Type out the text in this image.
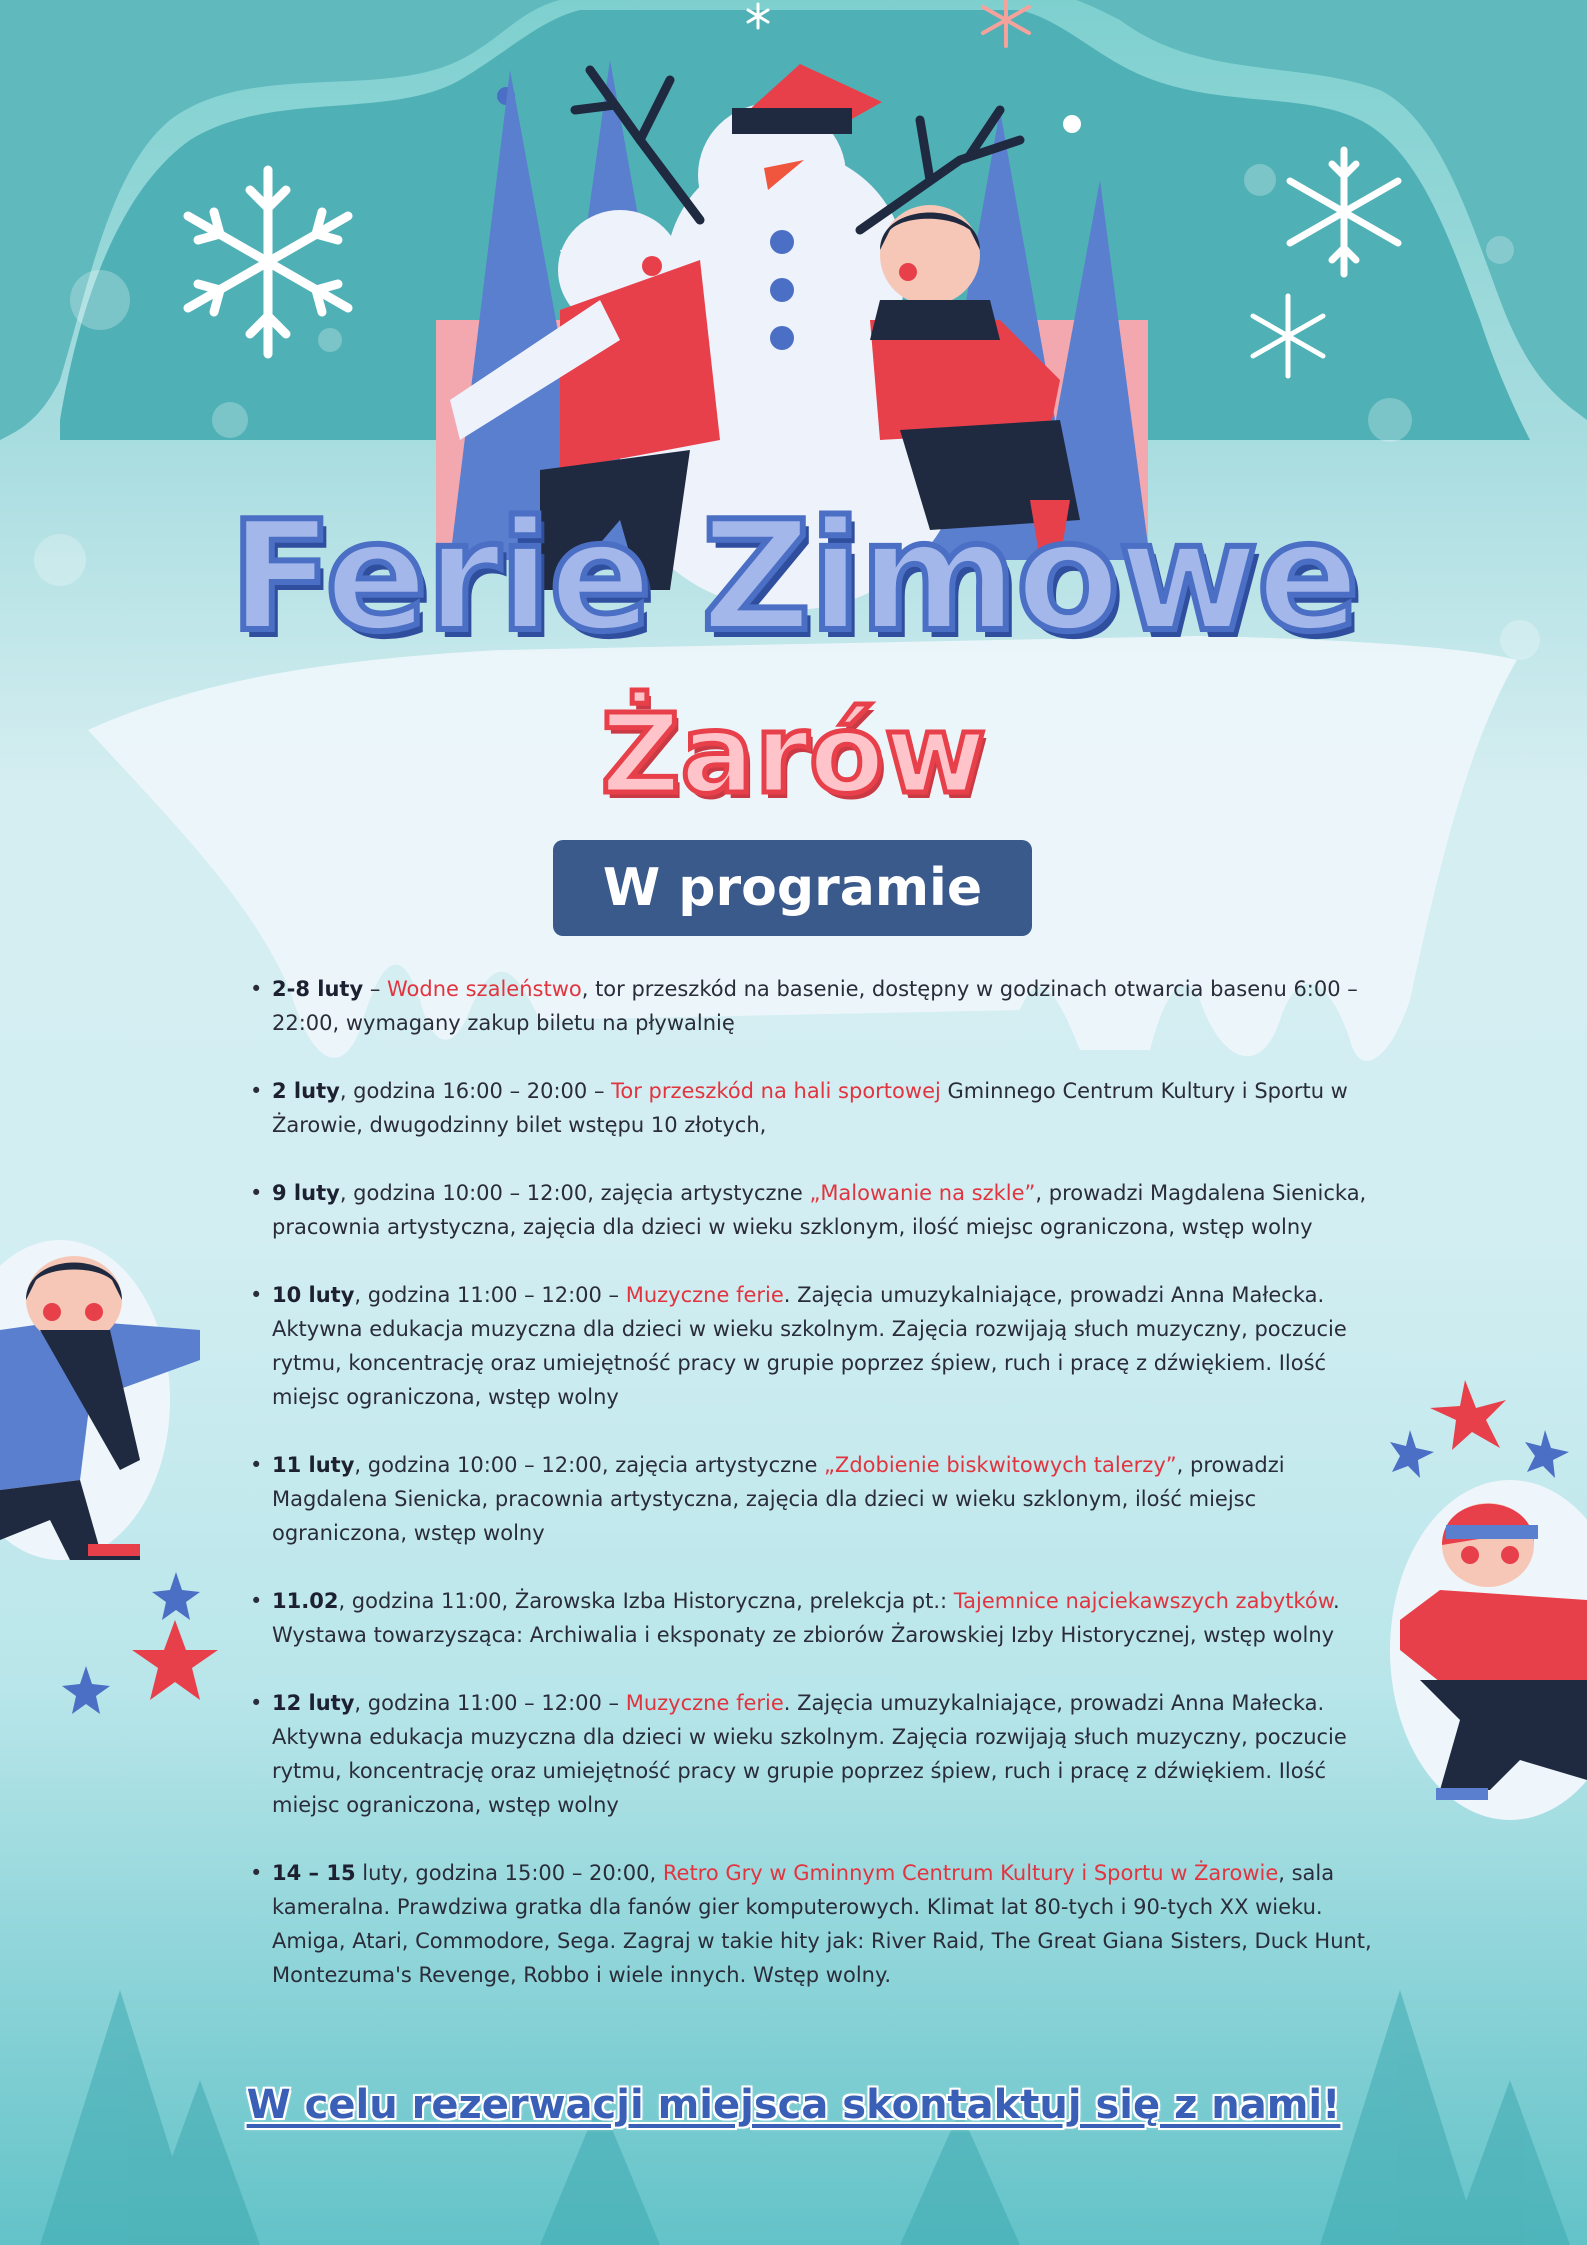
Ferie Zimowe
Żarów
W programie
• 2-8 luty – Wodne szaleństwo, tor przeszkód na basenie, dostępny w godzinach otwarcia basenu 6:00 – 22:00, wymagany zakup biletu na pływalnię
• 2 luty, godzina 16:00 – 20:00 – Tor przeszkód na hali sportowej Gminnego Centrum Kultury i Sportu w Żarowie, dwugodzinny bilet wstępu 10 złotych,
• 9 luty, godzina 10:00 – 12:00, zajęcia artystyczne „Malowanie na szkle”, prowadzi Magdalena Sienicka, pracownia artystyczna, zajęcia dla dzieci w wieku szklonym, ilość miejsc ograniczona, wstęp wolny
• 10 luty, godzina 11:00 – 12:00 – Muzyczne ferie. Zajęcia umuzykalniające, prowadzi Anna Małecka. Aktywna edukacja muzyczna dla dzieci w wieku szkolnym. Zajęcia rozwijają słuch muzyczny, poczucie rytmu, koncentrację oraz umiejętność pracy w grupie poprzez śpiew, ruch i pracę z dźwiękiem. Ilość miejsc ograniczona, wstęp wolny
• 11 luty, godzina 10:00 – 12:00, zajęcia artystyczne „Zdobienie biskwitowych talerzy”, prowadzi Magdalena Sienicka, pracownia artystyczna, zajęcia dla dzieci w wieku szklonym, ilość miejsc ograniczona, wstęp wolny
• 11.02, godzina 11:00, Żarowska Izba Historyczna, prelekcja pt.: Tajemnice najciekawszych zabytków. Wystawa towarzysząca: Archiwalia i eksponaty ze zbiorów Żarowskiej Izby Historycznej, wstęp wolny
• 12 luty, godzina 11:00 – 12:00 – Muzyczne ferie. Zajęcia umuzykalniające, prowadzi Anna Małecka. Aktywna edukacja muzyczna dla dzieci w wieku szkolnym. Zajęcia rozwijają słuch muzyczny, poczucie rytmu, koncentrację oraz umiejętność pracy w grupie poprzez śpiew, ruch i pracę z dźwiękiem. Ilość miejsc ograniczona, wstęp wolny
• 14 – 15 luty, godzina 15:00 – 20:00, Retro Gry w Gminnym Centrum Kultury i Sportu w Żarowie, sala kameralna. Prawdziwa gratka dla fanów gier komputerowych. Klimat lat 80-tych i 90-tych XX wieku. Amiga, Atari, Commodore, Sega. Zagraj w takie hity jak: River Raid, The Great Giana Sisters, Duck Hunt, Montezuma's Revenge, Robbo i wiele innych. Wstęp wolny.
W celu rezerwacji miejsca skontaktuj się z nami!
